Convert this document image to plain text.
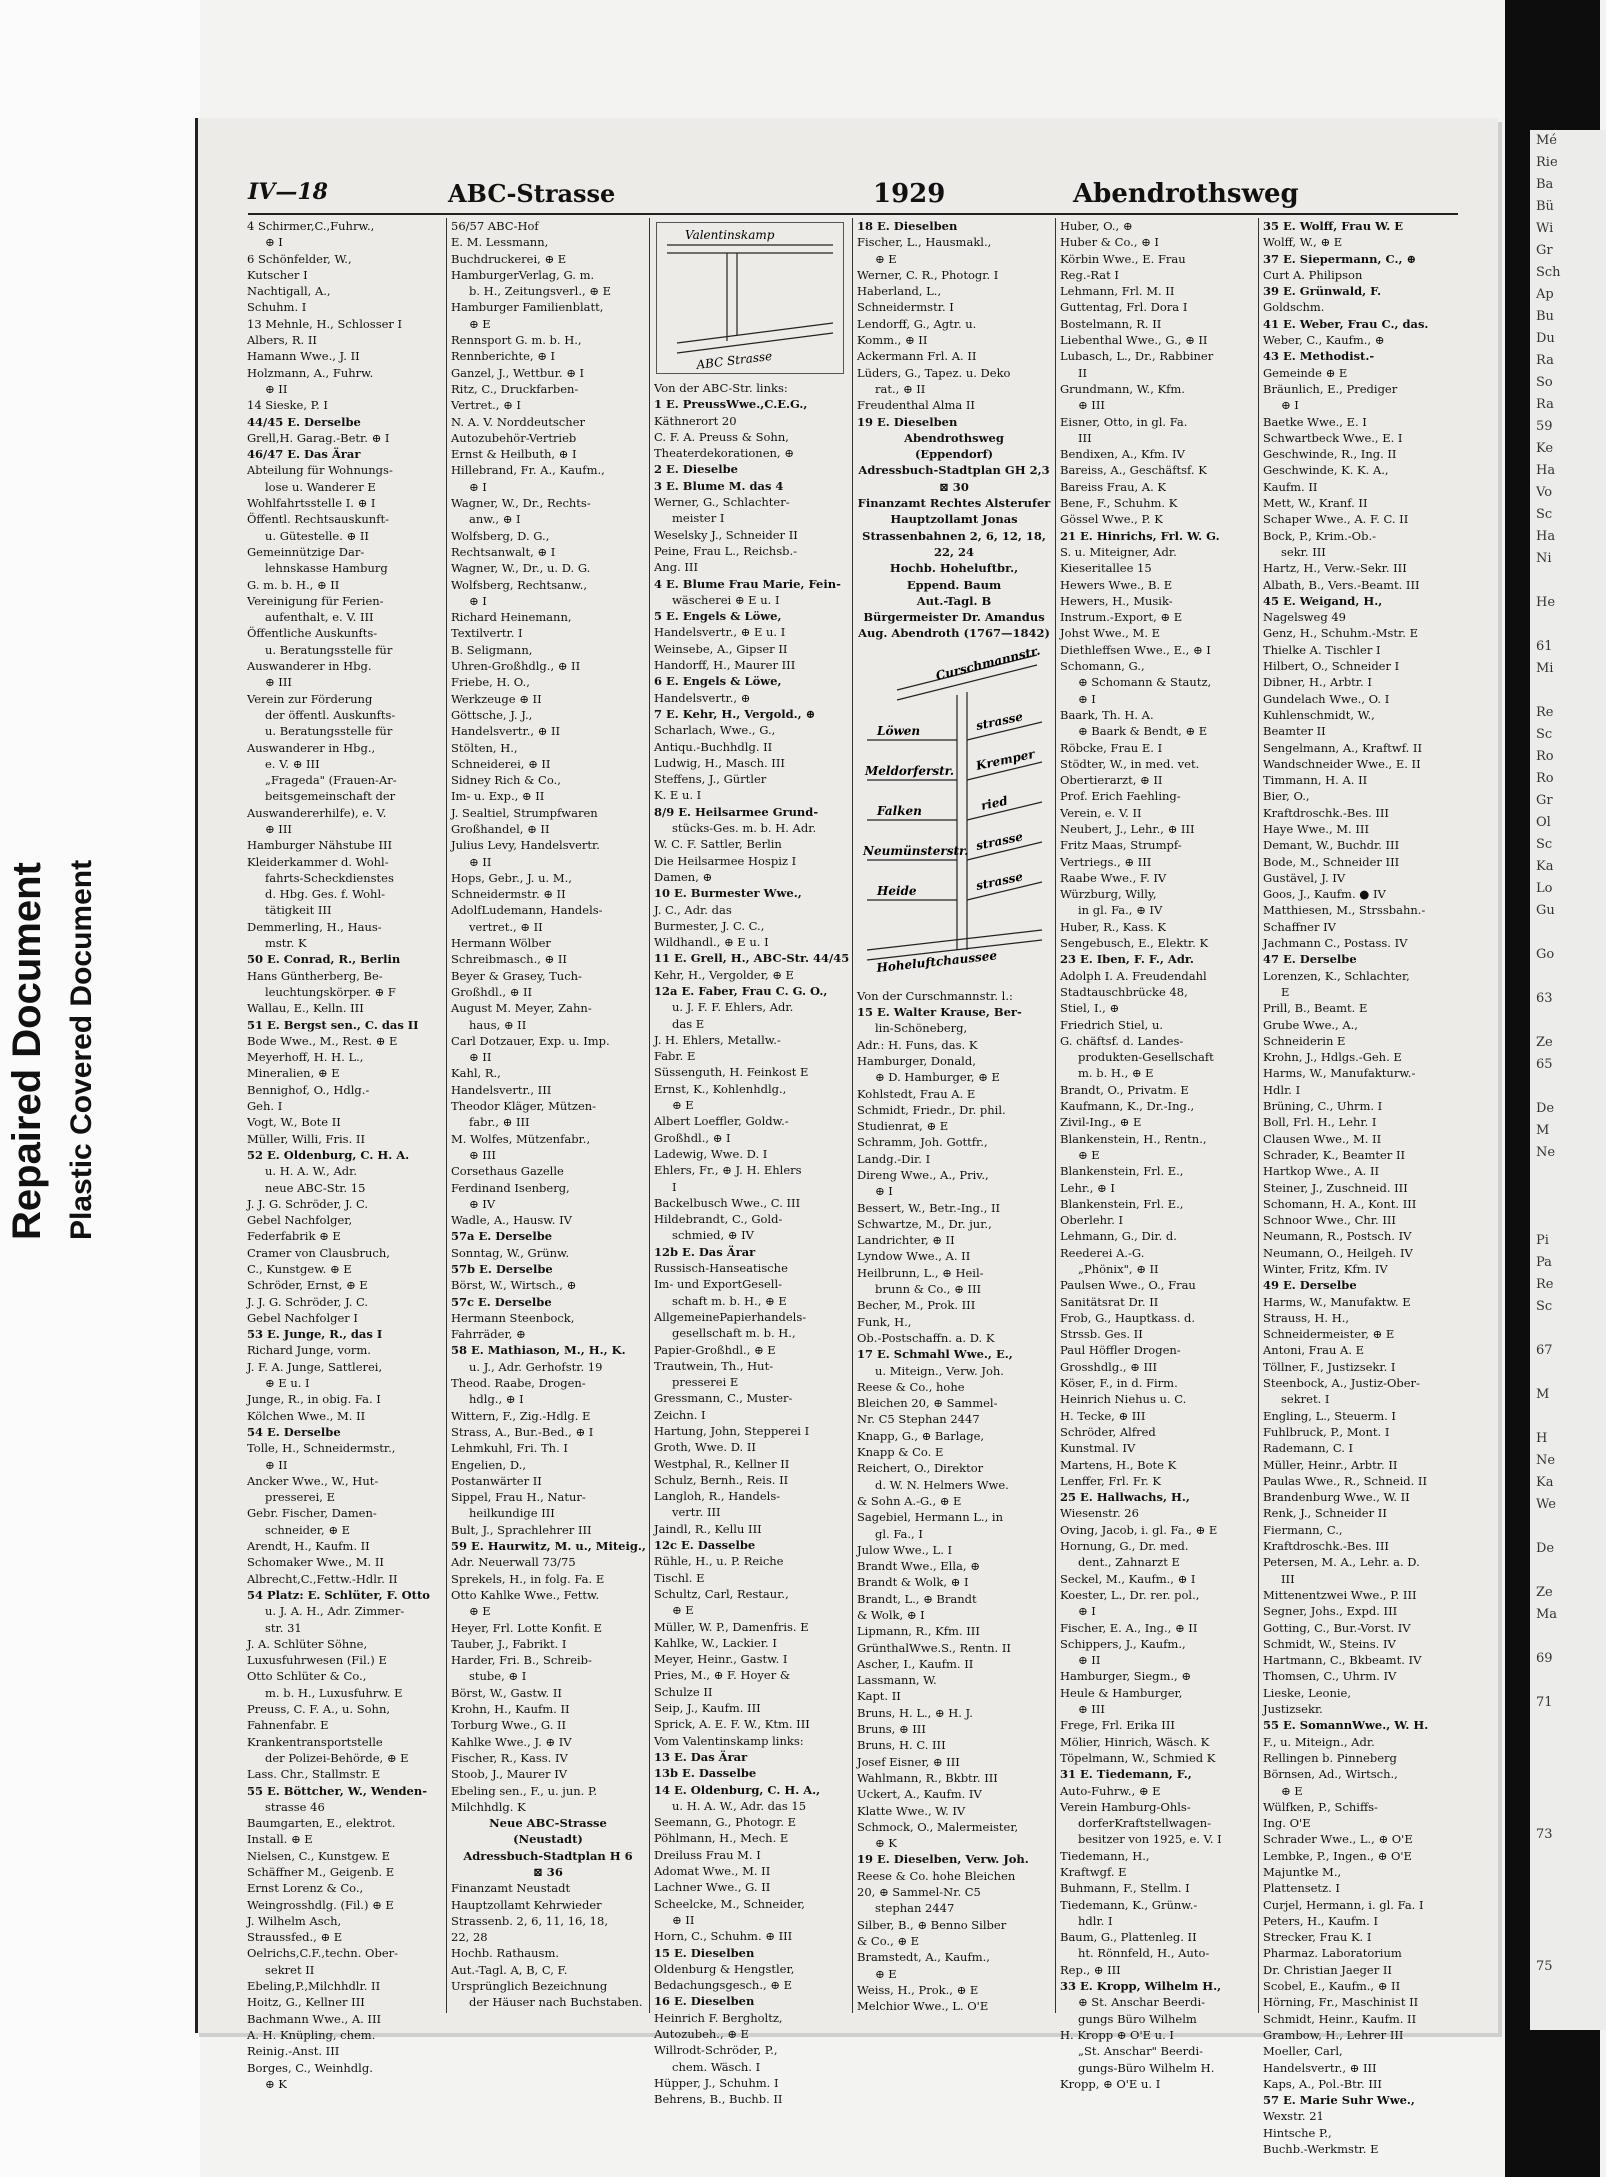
Repaired Document Plastic Covered Document
Mé
Rie
Ba
Bü
Wi
Gr
Sch
Ap
Bu
Du
Ra
So
Ra
59
Ke
Ha
Vo
Sc
Ha
Ni
He
61
Mi
Re
Sc
Ro
Ro
Gr
Ol
Sc
Ka
Lo
Gu
Go
63
Ze
65
De
M
Ne
Pi
Pa
Re
Sc
67
M
H
Ne
Ka
We
De
Ze
Ma
69
71
73
75
IV—18	ABC-Strasse	1929	Abendrothsweg

4 Schirmer,C.,Fuhrw.,

⊕ I

6 Schönfelder, W.,

Kutscher I

Nachtigall, A.,

Schuhm. I

13 Mehnle, H., Schlosser I

Albers, R. II

Hamann Wwe., J. II

Holzmann, A., Fuhrw.

⊕ II

14 Sieske, P. I

44/45 E. Derselbe

Grell,H. Garag.-Betr. ⊕ I

46/47 E. Das Ärar

Abteilung für Wohnungs-

lose u. Wanderer E

Wohlfahrtsstelle I. ⊕ I

Öffentl. Rechtsauskunft-

u. Gütestelle. ⊕ II

Gemeinnützige Dar-

lehnskasse Hamburg

G. m. b. H., ⊕ II

Vereinigung für Ferien-

aufenthalt, e. V. III

Öffentliche Auskunfts-

u. Beratungsstelle für

Auswanderer in Hbg.

⊕ III

Verein zur Förderung

der öffentl. Auskunfts-

u. Beratungsstelle für

Auswanderer in Hbg.,

e. V. ⊕ III

„Frageda" (Frauen-Ar-

beitsgemeinschaft der

Auswandererhilfe), e. V.

⊕ III

Hamburger Nähstube III

Kleiderkammer d. Wohl-

fahrts-Scheckdienstes

d. Hbg. Ges. f. Wohl-

tätigkeit III

Demmerling, H., Haus-

mstr. K

50 E. Conrad, R., Berlin

Hans Güntherberg, Be-

leuchtungskörper. ⊕ F

Wallau, E., Kelln. III

51 E. Bergst sen., C. das II

Bode Wwe., M., Rest. ⊕ E

Meyerhoff, H. H. L.,

Mineralien, ⊕ E

Bennighof, O., Hdlg.-

Geh. I

Vogt, W., Bote II

Müller, Willi, Fris. II

52 E. Oldenburg, C. H. A.

u. H. A. W., Adr.

neue ABC-Str. 15

J. J. G. Schröder, J. C.

Gebel Nachfolger,

Federfabrik ⊕ E

Cramer von Clausbruch,

C., Kunstgew. ⊕ E

Schröder, Ernst, ⊕ E

J. J. G. Schröder, J. C.

Gebel Nachfolger I

53 E. Junge, R., das I

Richard Junge, vorm.

J. F. A. Junge, Sattlerei,

⊕ E u. I

Junge, R., in obig. Fa. I

Kölchen Wwe., M. II

54 E. Derselbe

Tolle, H., Schneidermstr.,

⊕ II

Ancker Wwe., W., Hut-

presserei, E

Gebr. Fischer, Damen-

schneider, ⊕ E

Arendt, H., Kaufm. II

Schomaker Wwe., M. II

Albrecht,C.,Fettw.-Hdlr. II

54 Platz: E. Schlüter, F. Otto

u. J. A. H., Adr. Zimmer-

str. 31

J. A. Schlüter Söhne,

Luxusfuhrwesen (Fil.) E

Otto Schlüter & Co.,

m. b. H., Luxusfuhrw. E

Preuss, C. F. A., u. Sohn,

Fahnenfabr. E

Krankentransportstelle

der Polizei-Behörde, ⊕ E

Lass. Chr., Stallmstr. E

55 E. Böttcher, W., Wenden-

strasse 46

Baumgarten, E., elektrot.

Install. ⊕ E

Nielsen, C., Kunstgew. E

Schäffner M., Geigenb. E

Ernst Lorenz & Co.,

Weingrosshdlg. (Fil.) ⊕ E

J. Wilhelm Asch,

Straussfed., ⊕ E

Oelrichs,C.F.,techn. Ober-

sekret II

Ebeling,P.,Milchhdlr. II

Hoitz, G., Kellner III

Bachmann Wwe., A. III

A. H. Knüpling, chem.

Reinig.-Anst. III

Borges, C., Weinhdlg.

⊕ K

56/57 ABC-Hof

E. M. Lessmann,

Buchdruckerei, ⊕ E

HamburgerVerlag, G. m.

b. H., Zeitungsverl., ⊕ E

Hamburger Familienblatt,

⊕ E

Rennsport G. m. b. H.,

Rennberichte, ⊕ I

Ganzel, J., Wettbur. ⊕ I

Ritz, C., Druckfarben-

Vertret., ⊕ I

N. A. V. Norddeutscher

Autozubehör-Vertrieb

Ernst & Heilbuth, ⊕ I

Hillebrand, Fr. A., Kaufm.,

⊕ I

Wagner, W., Dr., Rechts-

anw., ⊕ I

Wolfsberg, D. G.,

Rechtsanwalt, ⊕ I

Wagner, W., Dr., u. D. G.

Wolfsberg, Rechtsanw.,

⊕ I

Richard Heinemann,

Textilvertr. I

B. Seligmann,

Uhren-Großhdlg., ⊕ II

Friebe, H. O.,

Werkzeuge ⊕ II

Göttsche, J. J.,

Handelsvertr., ⊕ II

Stölten, H.,

Schneiderei, ⊕ II

Sidney Rich & Co.,

Im- u. Exp., ⊕ II

J. Sealtiel, Strumpfwaren

Großhandel, ⊕ II

Julius Levy, Handelsvertr.

⊕ II

Hops, Gebr., J. u. M.,

Schneidermstr. ⊕ II

AdolfLudemann, Handels-

vertret., ⊕ II

Hermann Wölber

Schreibmasch., ⊕ II

Beyer & Grasey, Tuch-

Großhdl., ⊕ II

August M. Meyer, Zahn-

haus, ⊕ II

Carl Dotzauer, Exp. u. Imp.

⊕ II

Kahl, R.,

Handelsvertr., III

Theodor Kläger, Mützen-

fabr., ⊕ III

M. Wolfes, Mützenfabr.,

⊕ III

Corsethaus Gazelle

Ferdinand Isenberg,

⊕ IV

Wadle, A., Hausw. IV

57a E. Derselbe

Sonntag, W., Grünw.

57b E. Derselbe

Börst, W., Wirtsch., ⊕

57c E. Derselbe

Hermann Steenbock,

Fahrräder, ⊕

58 E. Mathiason, M., H., K.

u. J., Adr. Gerhofstr. 19

Theod. Raabe, Drogen-

hdlg., ⊕ I

Wittern, F., Zig.-Hdlg. E

Strass, A., Bur.-Bed., ⊕ I

Lehmkuhl, Fri. Th. I

Engelien, D.,

Postanwärter II

Sippel, Frau H., Natur-

heilkundige III

Bult, J., Sprachlehrer III

59 E. Haurwitz, M. u., Miteig.,

Adr. Neuerwall 73/75

Sprekels, H., in folg. Fa. E

Otto Kahlke Wwe., Fettw.

⊕ E

Heyer, Frl. Lotte Konfit. E

Tauber, J., Fabrikt. I

Harder, Fri. B., Schreib-

stube, ⊕ I

Börst, W., Gastw. II

Krohn, H., Kaufm. II

Torburg Wwe., G. II

Kahlke Wwe., J. ⊕ IV

Fischer, R., Kass. IV

Stoob, J., Maurer IV

Ebeling sen., F., u. jun. P.

Milchhdlg. K

Neue ABC-Strasse

(Neustadt)

Adressbuch-Stadtplan H 6

⊠ 36

Finanzamt Neustadt

Hauptzollamt Kehrwieder

Strassenb. 2, 6, 11, 16, 18,

22, 28

Hochb. Rathausm.

Aut.-Tagl. A, B, C, F.

Ursprünglich Bezeichnung

der Häuser nach Buchstaben.

Valentinskamp
ABC Strasse

Von der ABC-Str. links:

1 E. PreussWwe.,C.E.G.,

Käthnerort 20

C. F. A. Preuss & Sohn,

Theaterdekorationen, ⊕

2 E. Dieselbe

3 E. Blume M. das 4

Werner, G., Schlachter-

meister I

Weselsky J., Schneider II

Peine, Frau L., Reichsb.-

Ang. III

4 E. Blume Frau Marie, Fein-

wäscherei ⊕ E u. I

5 E. Engels & Löwe,

Handelsvertr., ⊕ E u. I

Weinsebe, A., Gipser II

Handorff, H., Maurer III

6 E. Engels & Löwe,

Handelsvertr., ⊕

7 E. Kehr, H., Vergold., ⊕

Scharlach, Wwe., G.,

Antiqu.-Buchhdlg. II

Ludwig, H., Masch. III

Steffens, J., Gürtler

K. E u. I

8/9 E. Heilsarmee Grund-

stücks-Ges. m. b. H. Adr.

W. C. F. Sattler, Berlin

Die Heilsarmee Hospiz I

Damen, ⊕

10 E. Burmester Wwe.,

J. C., Adr. das

Burmester, J. C. C.,

Wildhandl., ⊕ E u. I

11 E. Grell, H., ABC-Str. 44/45

Kehr, H., Vergolder, ⊕ E

12a E. Faber, Frau C. G. O.,

u. J. F. F. Ehlers, Adr.

das E

J. H. Ehlers, Metallw.-

Fabr. E

Süssenguth, H. Feinkost E

Ernst, K., Kohlenhdlg.,

⊕ E

Albert Loeffler, Goldw.-

Großhdl., ⊕ I

Ladewig, Wwe. D. I

Ehlers, Fr., ⊕ J. H. Ehlers

I

Backelbusch Wwe., C. III

Hildebrandt, C., Gold-

schmied, ⊕ IV

12b E. Das Ärar

Russisch-Hanseatische

Im- und ExportGesell-

schaft m. b. H., ⊕ E

AllgemeinePapierhandels-

gesellschaft m. b. H.,

Papier-Großhdl., ⊕ E

Trautwein, Th., Hut-

presserei E

Gressmann, C., Muster-

Zeichn. I

Hartung, John, Stepperei I

Groth, Wwe. D. II

Westphal, R., Kellner II

Schulz, Bernh., Reis. II

Langloh, R., Handels-

vertr. III

Jaindl, R., Kellu III

12c E. Dasselbe

Rühle, H., u. P. Reiche

Tischl. E

Schultz, Carl, Restaur.,

⊕ E

Müller, W. P., Damenfris. E

Kahlke, W., Lackier. I

Meyer, Heinr., Gastw. I

Pries, M., ⊕ F. Hoyer &

Schulze II

Seip, J., Kaufm. III

Sprick, A. E. F. W., Ktm. III

Vom Valentinskamp links:

13 E. Das Ärar

13b E. Dasselbe

14 E. Oldenburg, C. H. A.,

u. H. A. W., Adr. das 15

Seemann, G., Photogr. E

Pöhlmann, H., Mech. E

Dreiluss Frau M. I

Adomat Wwe., M. II

Lachner Wwe., G. II

Scheelcke, M., Schneider,

⊕ II

Horn, C., Schuhm. ⊕ III

15 E. Dieselben

Oldenburg & Hengstler,

Bedachungsgesch., ⊕ E

16 E. Dieselben

Heinrich F. Bergholtz,

Autozubeh., ⊕ E

Willrodt-Schröder, P.,

chem. Wäsch. I

Hüpper, J., Schuhm. I

Behrens, B., Buchb. II

18 E. Dieselben

Fischer, L., Hausmakl.,

⊕ E

Werner, C. R., Photogr. I

Haberland, L.,

Schneidermstr. I

Lendorff, G., Agtr. u.

Komm., ⊕ II

Ackermann Frl. A. II

Lüders, G., Tapez. u. Deko

rat., ⊕ II

Freudenthal Alma II

19 E. Dieselben

Abendrothsweg

(Eppendorf)

Adressbuch-Stadtplan GH 2,3

⊠ 30

Finanzamt Rechtes Alsterufer

Hauptzollamt Jonas

Strassenbahnen 2, 6, 12, 18,

22, 24

Hochb. Hoheluftbr.,

Eppend. Baum

Aut.-Tagl. B

Bürgermeister Dr. Amandus

Aug. Abendroth (1767—1842)

Curschmannstr.
Löwen
Meldorferstr.
Falken
Neumünsterstr.
Heide
Hoheluftchaussee
strasse
Kremper
ried
strasse
strasse

Von der Curschmannstr. l.:

15 E. Walter Krause, Ber-

lin-Schöneberg,

Adr.: H. Funs, das. K

Hamburger, Donald,

⊕ D. Hamburger, ⊕ E

Kohlstedt, Frau A. E

Schmidt, Friedr., Dr. phil.

Studienrat, ⊕ E

Schramm, Joh. Gottfr.,

Landg.-Dir. I

Direng Wwe., A., Priv.,

⊕ I

Bessert, W., Betr.-Ing., II

Schwartze, M., Dr. jur.,

Landrichter, ⊕ II

Lyndow Wwe., A. II

Heilbrunn, L., ⊕ Heil-

brunn & Co., ⊕ III

Becher, M., Prok. III

Funk, H.,

Ob.-Postschaffn. a. D. K

17 E. Schmahl Wwe., E.,

u. Miteign., Verw. Joh.

Reese & Co., hohe

Bleichen 20, ⊕ Sammel-

Nr. C5 Stephan 2447

Knapp, G., ⊕ Barlage,

Knapp & Co. E

Reichert, O., Direktor

d. W. N. Helmers Wwe.

& Sohn A.-G., ⊕ E

Sagebiel, Hermann L., in

gl. Fa., I

Julow Wwe., L. I

Brandt Wwe., Ella, ⊕

Brandt & Wolk, ⊕ I

Brandt, L., ⊕ Brandt

& Wolk, ⊕ I

Lipmann, R., Kfm. III

GrünthalWwe.S., Rentn. II

Ascher, I., Kaufm. II

Lassmann, W.

Kapt. II

Bruns, H. L., ⊕ H. J.

Bruns, ⊕ III

Bruns, H. C. III

Josef Eisner, ⊕ III

Wahlmann, R., Bkbtr. III

Uckert, A., Kaufm. IV

Klatte Wwe., W. IV

Schmock, O., Malermeister,

⊕ K

19 E. Dieselben, Verw. Joh.

Reese & Co. hohe Bleichen

20, ⊕ Sammel-Nr. C5

stephan 2447

Silber, B., ⊕ Benno Silber

& Co., ⊕ E

Bramstedt, A., Kaufm.,

⊕ E

Weiss, H., Prok., ⊕ E

Melchior Wwe., L. O'E

Huber, O., ⊕

Huber & Co., ⊕ I

Körbin Wwe., E. Frau

Reg.-Rat I

Lehmann, Frl. M. II

Guttentag, Frl. Dora I

Bostelmann, R. II

Liebenthal Wwe., G., ⊕ II

Lubasch, L., Dr., Rabbiner

II

Grundmann, W., Kfm.

⊕ III

Eisner, Otto, in gl. Fa.

III

Bendixen, A., Kfm. IV

Bareiss, A., Geschäftsf. K

Bareiss Frau, A. K

Bene, F., Schuhm. K

Gössel Wwe., P. K

21 E. Hinrichs, Frl. W. G.

S. u. Miteigner, Adr.

Kieseritallee 15

Hewers Wwe., B. E

Hewers, H., Musik-

Instrum.-Export, ⊕ E

Johst Wwe., M. E

Diethleffsen Wwe., E., ⊕ I

Schomann, G.,

⊕ Schomann & Stautz,

⊕ I

Baark, Th. H. A.

⊕ Baark & Bendt, ⊕ E

Röbcke, Frau E. I

Stödter, W., in med. vet.

Obertierarzt, ⊕ II

Prof. Erich Faehling-

Verein, e. V. II

Neubert, J., Lehr., ⊕ III

Fritz Maas, Strumpf-

Vertriegs., ⊕ III

Raabe Wwe., F. IV

Würzburg, Willy,

in gl. Fa., ⊕ IV

Huber, R., Kass. K

Sengebusch, E., Elektr. K

23 E. Iben, F. F., Adr.

Adolph I. A. Freudendahl

Stadtauschbrücke 48,

Stiel, I., ⊕

Friedrich Stiel, u.

G. chäftsf. d. Landes-

produkten-Gesellschaft

m. b. H., ⊕ E

Brandt, O., Privatm. E

Kaufmann, K., Dr.-Ing.,

Zivil-Ing., ⊕ E

Blankenstein, H., Rentn.,

⊕ E

Blankenstein, Frl. E.,

Lehr., ⊕ I

Blankenstein, Frl. E.,

Oberlehr. I

Lehmann, G., Dir. d.

Reederei A.-G.

„Phönix", ⊕ II

Paulsen Wwe., O., Frau

Sanitätsrat Dr. II

Frob, G., Hauptkass. d.

Strssb. Ges. II

Paul Höffler Drogen-

Grosshdlg., ⊕ III

Köser, F., in d. Firm.

Heinrich Niehus u. C.

H. Tecke, ⊕ III

Schröder, Alfred

Kunstmal. IV

Martens, H., Bote K

Lenffer, Frl. Fr. K

25 E. Hallwachs, H.,

Wiesenstr. 26

Oving, Jacob, i. gl. Fa., ⊕ E

Hornung, G., Dr. med.

dent., Zahnarzt E

Seckel, M., Kaufm., ⊕ I

Koester, L., Dr. rer. pol.,

⊕ I

Fischer, E. A., Ing., ⊕ II

Schippers, J., Kaufm.,

⊕ II

Hamburger, Siegm., ⊕

Heule & Hamburger,

⊕ III

Frege, Frl. Erika III

Mölier, Hinrich, Wäsch. K

Töpelmann, W., Schmied K

31 E. Tiedemann, F.,

Auto-Fuhrw., ⊕ E

Verein Hamburg-Ohls-

dorferKraftstellwagen-

besitzer von 1925, e. V. I

Tiedemann, H.,

Kraftwgf. E

Buhmann, F., Stellm. I

Tiedemann, K., Grünw.-

hdlr. I

Baum, G., Plattenleg. II

ht. Rönnfeld, H., Auto-

Rep., ⊕ III

33 E. Kropp, Wilhelm H.,

⊕ St. Anschar Beerdi-

gungs Büro Wilhelm

H. Kropp ⊕ O'E u. I

„St. Anschar" Beerdi-

gungs-Büro Wilhelm H.

Kropp, ⊕ O'E u. I

35 E. Wolff, Frau W. E

Wolff, W., ⊕ E

37 E. Siepermann, C., ⊕

Curt A. Philipson

39 E. Grünwald, F.

Goldschm.

41 E. Weber, Frau C., das.

Weber, C., Kaufm., ⊕

43 E. Methodist.-

Gemeinde ⊕ E

Bräunlich, E., Prediger

⊕ I

Baetke Wwe., E. I

Schwartbeck Wwe., E. I

Geschwinde, R., Ing. II

Geschwinde, K. K. A.,

Kaufm. II

Mett, W., Kranf. II

Schaper Wwe., A. F. C. II

Bock, P., Krim.-Ob.-

sekr. III

Hartz, H., Verw.-Sekr. III

Albath, B., Vers.-Beamt. III

45 E. Weigand, H.,

Nagelsweg 49

Genz, H., Schuhm.-Mstr. E

Thielke A. Tischler I

Hilbert, O., Schneider I

Dibner, H., Arbtr. I

Gundelach Wwe., O. I

Kuhlenschmidt, W.,

Beamter II

Sengelmann, A., Kraftwf. II

Wandschneider Wwe., E. II

Timmann, H. A. II

Bier, O.,

Kraftdroschk.-Bes. III

Haye Wwe., M. III

Demant, W., Buchdr. III

Bode, M., Schneider III

Gustävel, J. IV

Goos, J., Kaufm. ● IV

Matthiesen, M., Strssbahn.-

Schaffner IV

Jachmann C., Postass. IV

47 E. Derselbe

Lorenzen, K., Schlachter,

E

Prill, B., Beamt. E

Grube Wwe., A.,

Schneiderin E

Krohn, J., Hdlgs.-Geh. E

Harms, W., Manufakturw.-

Hdlr. I

Brüning, C., Uhrm. I

Boll, Frl. H., Lehr. I

Clausen Wwe., M. II

Schrader, K., Beamter II

Hartkop Wwe., A. II

Steiner, J., Zuschneid. III

Schomann, H. A., Kont. III

Schnoor Wwe., Chr. III

Neumann, R., Postsch. IV

Neumann, O., Heilgeh. IV

Winter, Fritz, Kfm. IV

49 E. Derselbe

Harms, W., Manufaktw. E

Strauss, H. H.,

Schneidermeister, ⊕ E

Antoni, Frau A. E

Töllner, F., Justizsekr. I

Steenbock, A., Justiz-Ober-

sekret. I

Engling, L., Steuerm. I

Fuhlbruck, P., Mont. I

Rademann, C. I

Müller, Heinr., Arbtr. II

Paulas Wwe., R., Schneid. II

Brandenburg Wwe., W. II

Renk, J., Schneider II

Fiermann, C.,

Kraftdroschk.-Bes. III

Petersen, M. A., Lehr. a. D.

III

Mittenentzwei Wwe., P. III

Segner, Johs., Expd. III

Gotting, C., Bur.-Vorst. IV

Schmidt, W., Steins. IV

Hartmann, C., Bkbeamt. IV

Thomsen, C., Uhrm. IV

Lieske, Leonie,

Justizsekr.

55 E. SomannWwe., W. H.

F., u. Miteign., Adr.

Rellingen b. Pinneberg

Börnsen, Ad., Wirtsch.,

⊕ E

Wülfken, P., Schiffs-

Ing. O'E

Schrader Wwe., L., ⊕ O'E

Lembke, P., Ingen., ⊕ O'E

Majuntke M.,

Plattensetz. I

Curjel, Hermann, i. gl. Fa. I

Peters, H., Kaufm. I

Strecker, Frau K. I

Pharmaz. Laboratorium

Dr. Christian Jaeger II

Scobel, E., Kaufm., ⊕ II

Hörning, Fr., Maschinist II

Schmidt, Heinr., Kaufm. II

Grambow, H., Lehrer III

Moeller, Carl,

Handelsvertr., ⊕ III

Kaps, A., Pol.-Btr. III

57 E. Marie Suhr Wwe.,

Wexstr. 21

Hintsche P.,

Buchb.-Werkmstr. E
